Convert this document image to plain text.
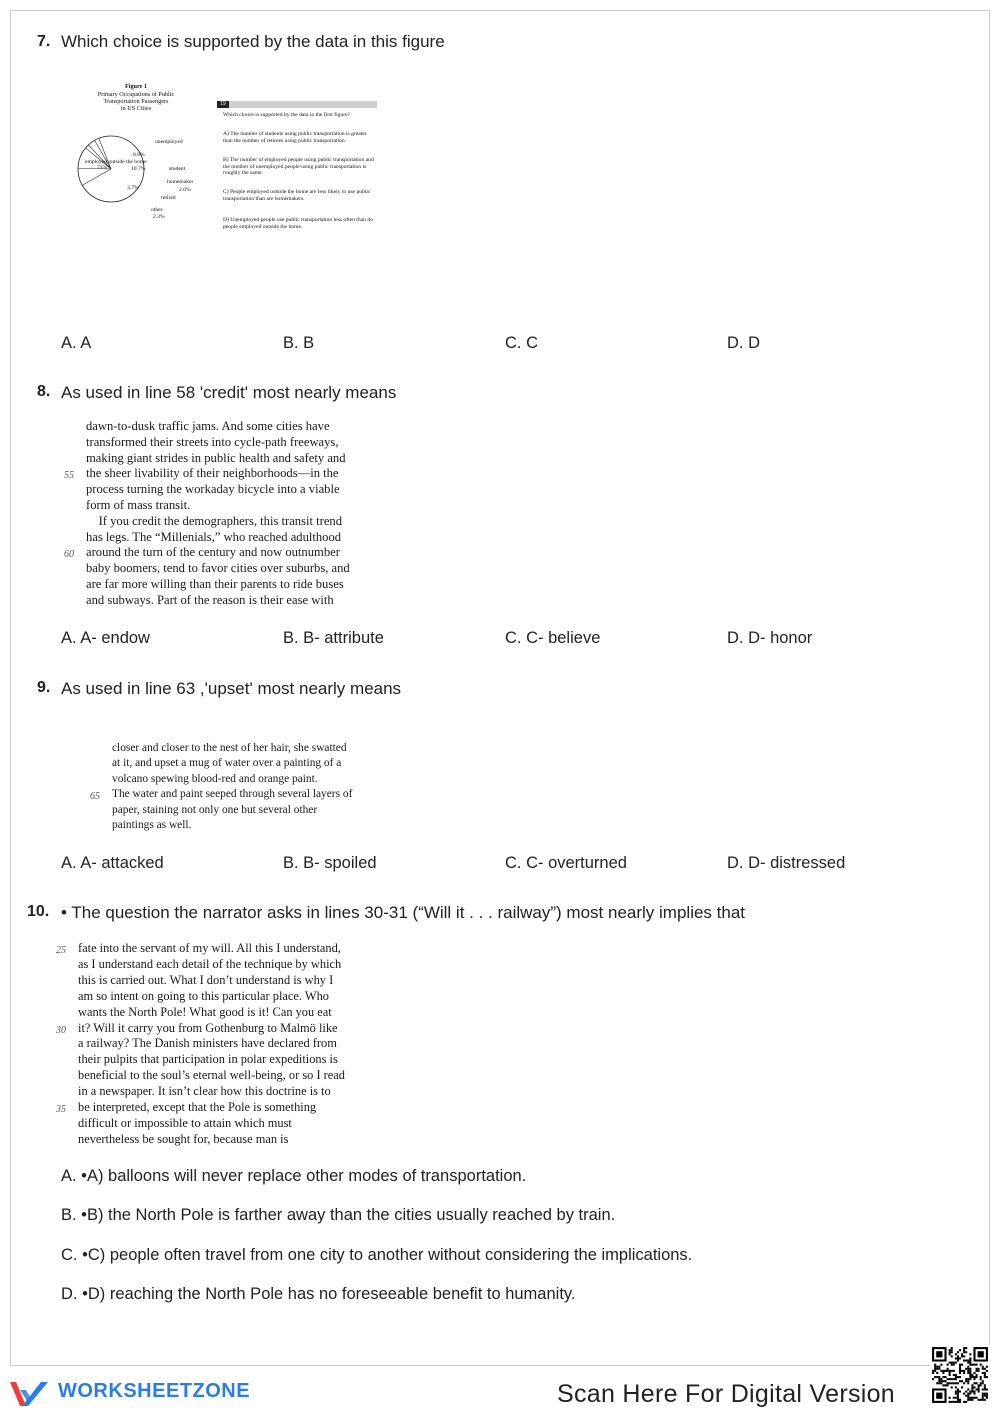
7. Which choice is supported by the data in this figure
Figure 1
Primary Occupations of Public
Transportation Passengers
in US Cities
unemployed
8.6%
10.7%	student
employed outside the home
73%
3.7%
homemaker
2.0%
retired
other
2.3%
19
Which choice is supported by the data in the first figure?
A) The number of students using public transportation is greater than the number of retirees using public transportation.
B) The number of employed people using public transportation and the number of unemployed people using public transportation is roughly the same.
C) People employed outside the home are less likely to use public transportation than are homemakers.
D) Unemployed people use public transportation less often than do people employed outside the home.
A. A	B. B	C. C	D. D
8. As used in line 58 'credit' most nearly means
dawn-to-dusk traffic jams. And some cities have
transformed their streets into cycle-path freeways,
making giant strides in public health and safety and
55 the sheer livability of their neighborhoods—in the
process turning the workaday bicycle into a viable
form of mass transit.
If you credit the demographers, this transit trend
has legs. The “Millenials,” who reached adulthood
60 around the turn of the century and now outnumber
baby boomers, tend to favor cities over suburbs, and
are far more willing than their parents to ride buses
and subways. Part of the reason is their ease with
A. A- endow	B. B- attribute	C. C- believe	D. D- honor
9. As used in line 63 ,'upset' most nearly means
closer and closer to the nest of her hair, she swatted
at it, and upset a mug of water over a painting of a
volcano spewing blood-red and orange paint.
65 The water and paint seeped through several layers of
paper, staining not only one but several other
paintings as well.
A. A- attacked	B. B- spoiled	C. C- overturned	D. D- distressed
10. • The question the narrator asks in lines 30-31 (“Will it . . . railway”) most nearly implies that
25 fate into the servant of my will. All this I understand,
as I understand each detail of the technique by which
this is carried out. What I don’t understand is why I
am so intent on going to this particular place. Who
wants the North Pole! What good is it! Can you eat
30 it? Will it carry you from Gothenburg to Malmö like
a railway? The Danish ministers have declared from
their pulpits that participation in polar expeditions is
beneficial to the soul’s eternal well-being, or so I read
in a newspaper. It isn’t clear how this doctrine is to
35 be interpreted, except that the Pole is something
difficult or impossible to attain which must
nevertheless be sought for, because man is
A. •A) balloons will never replace other modes of transportation.
B. •B) the North Pole is farther away than the cities usually reached by train.
C. •C) people often travel from one city to another without considering the implications.
D. •D) reaching the North Pole has no foreseeable benefit to humanity.
WORKSHEETZONE	Scan Here For Digital Version
